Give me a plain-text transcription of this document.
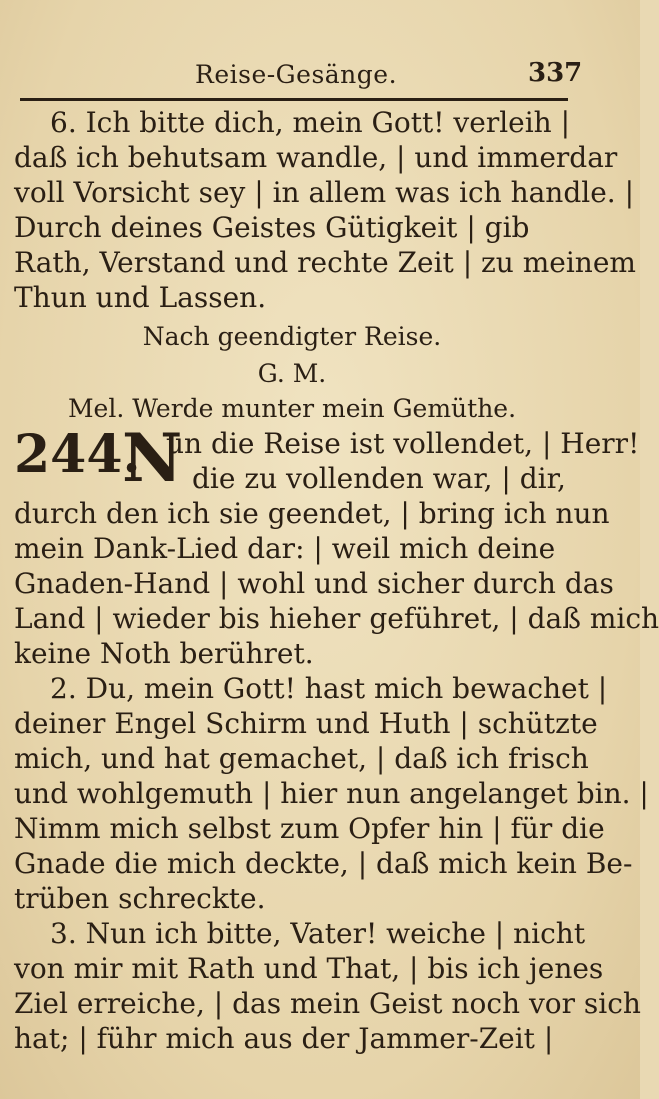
Reise-Gesänge.	337
6. Ich bitte dich, mein Gott! verleih |
daß ich behutsam wandle, | und immerdar
voll Vorsicht sey | in allem was ich handle. |
Durch deines Geistes Gütigkeit | gib
Rath, Verstand und rechte Zeit | zu meinem
Thun und Lassen.
Nach geendigter Reise.
G. M.
Mel. Werde munter mein Gemüthe.
244.
N
un die Reise ist vollendet, | Herr!
die zu vollenden war, | dir,
durch den ich sie geendet, | bring ich nun
mein Dank-Lied dar: | weil mich deine
Gnaden-Hand | wohl und sicher durch das
Land | wieder bis hieher geführet, | daß mich
keine Noth berühret.
2. Du, mein Gott! hast mich bewachet |
deiner Engel Schirm und Huth | schützte
mich, und hat gemachet, | daß ich frisch
und wohlgemuth | hier nun angelanget bin. |
Nimm mich selbst zum Opfer hin | für die
Gnade die mich deckte, | daß mich kein Be-
trüben schreckte.
3. Nun ich bitte, Vater! weiche | nicht
von mir mit Rath und That, | bis ich jenes
Ziel erreiche, | das mein Geist noch vor sich
hat; | führ mich aus der Jammer-Zeit |
